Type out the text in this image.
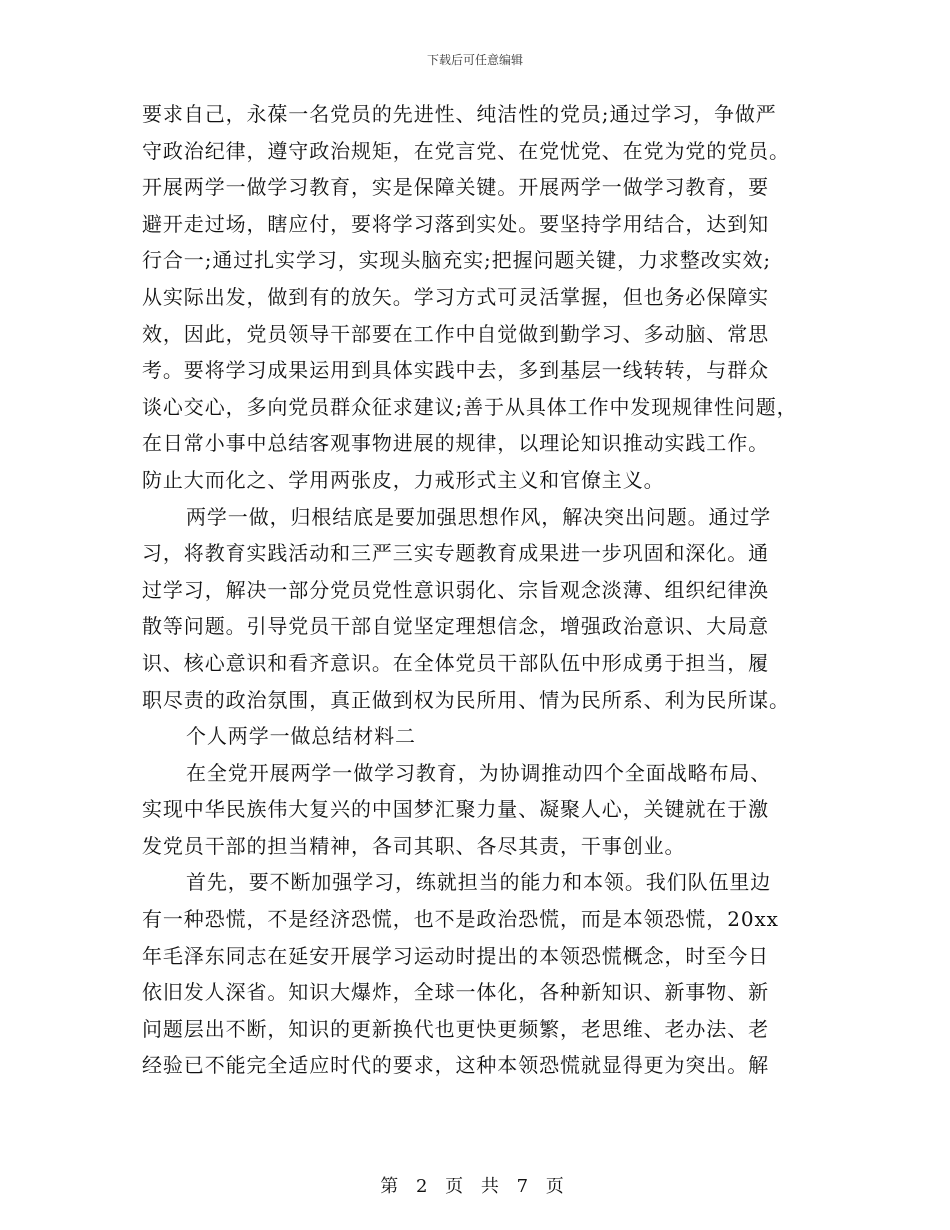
下载后可任意编辑
要求自己，永葆一名党员的先进性、纯洁性的党员;通过学习，争做严
守政治纪律，遵守政治规矩，在党言党、在党忧党、在党为党的党员。
开展两学一做学习教育，实是保障关键。开展两学一做学习教育，要
避开走过场，瞎应付，要将学习落到实处。要坚持学用结合，达到知
行合一;通过扎实学习，实现头脑充实;把握问题关键，力求整改实效;
从实际出发，做到有的放矢。学习方式可灵活掌握，但也务必保障实
效，因此，党员领导干部要在工作中自觉做到勤学习、多动脑、常思
考。要将学习成果运用到具体实践中去，多到基层一线转转，与群众
谈心交心，多向党员群众征求建议;善于从具体工作中发现规律性问题，
在日常小事中总结客观事物进展的规律，以理论知识推动实践工作。
防止大而化之、学用两张皮，力戒形式主义和官僚主义。
两学一做，归根结底是要加强思想作风，解决突出问题。通过学
习，将教育实践活动和三严三实专题教育成果进一步巩固和深化。通
过学习，解决一部分党员党性意识弱化、宗旨观念淡薄、组织纪律涣
散等问题。引导党员干部自觉坚定理想信念，增强政治意识、大局意
识、核心意识和看齐意识。在全体党员干部队伍中形成勇于担当，履
职尽责的政治氛围，真正做到权为民所用、情为民所系、利为民所谋。
个人两学一做总结材料二
在全党开展两学一做学习教育，为协调推动四个全面战略布局、
实现中华民族伟大复兴的中国梦汇聚力量、凝聚人心，关键就在于激
发党员干部的担当精神，各司其职、各尽其责，干事创业。
首先，要不断加强学习，练就担当的能力和本领。我们队伍里边
有一种恐慌，不是经济恐慌，也不是政治恐慌，而是本领恐慌，20xx
年毛泽东同志在延安开展学习运动时提出的本领恐慌概念，时至今日
依旧发人深省。知识大爆炸，全球一体化，各种新知识、新事物、新
问题层出不断，知识的更新换代也更快更频繁，老思维、老办法、老
经验已不能完全适应时代的要求，这种本领恐慌就显得更为突出。解
第 2 页 共 7 页
